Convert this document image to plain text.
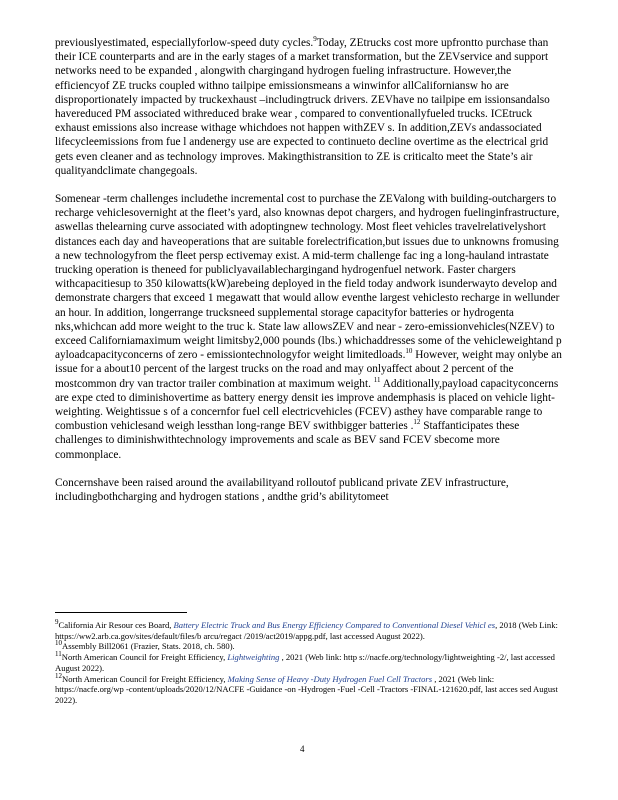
previouslyestimated, especiallyforlow-speed duty cycles.$^9$Today, ZEtrucks cost more upfrontto purchase than their ICE counterparts and are in the early stages of a market transformation, but the ZEVservice and support networks need to be expanded , alongwith chargingand hydrogen fueling infrastructure. However,the efficiencyof ZE trucks coupled withno tailpipe emissionsmeans a winwinfor allCaliforniansw ho are disproportionately impacted by truckexhaust –includingtruck drivers. ZEVhave no tailpipe em issionsandalso havereduced PM associated withreduced brake wear , compared to conventionallyfueled trucks. ICEtruck exhaust emissions also increase withage whichdoes not happen withZEV s. In addition,ZEVs andassociated lifecycleemissions from fue l andenergy use are expected to continueto decline overtime as the electrical grid gets even cleaner and as technology improves. Makingthistransition to ZE is criticalto meet the State’s air qualityandclimate changegoals.

Somenear -term challenges includethe incremental cost to purchase the ZEValong with building-outchargers to recharge vehiclesovernight at the fleet’s yard, also knownas depot chargers, and hydrogen fuelinginfrastructure, aswellas thelearning curve associated with adoptingnew technology. Most fleet vehicles travelrelativelyshort distances each day and haveoperations that are suitable forelectrification,but issues due to unknowns fromusing a new technologyfrom the fleet persp ectivemay exist. A mid-term challenge fac ing a long-hauland intrastate trucking operation is theneed for publiclyavailablechargingand hydrogenfuel network. Faster chargers withcapacitiesup to 350 kilowatts(kW)arebeing deployed in the field today andwork isunderwayto develop and demonstrate chargers that exceed 1 megawatt that would allow eventhe largest vehiclesto recharge in wellunder an hour. In addition, longerrange trucksneed supplemental storage capacityfor batteries or hydrogenta nks,whichcan add more weight to the truc k. State law allowsZEV and near - zero-emissionvehicles(NZEV) to exceed Californiamaximum weight limitsby2,000 pounds (lbs.) whichaddresses some of the vehicleweightand p ayloadcapacityconcerns of zero - emissiontechnologyfor weight limitedloads.$^{10}$ However, weight may onlybe an issue for a about10 percent of the largest trucks on the road and may onlyaffect about 2 percent of the mostcommon dry van tractor trailer combination at maximum weight. $^{11}$ Additionally,payload capacityconcerns are expe cted to diminishovertime as battery energy densit ies improve andemphasis is placed on vehicle light-weighting. Weightissue s of a concernfor fuel cell electricvehicles (FCEV) asthey have comparable range to combustion vehiclesand weigh lessthan long-range BEV swithbigger batteries .$^{12}$ Staffanticipates these challenges to diminishwithtechnology improvements and scale as BEV sand FCEV sbecome more commonplace.

Concernshave been raised around the availabilityand rolloutof publicand private ZEV infrastructure, includingbothcharging and hydrogen stations , andthe grid’s abilitytomeet

$^9$California Air Resour ces Board, Battery Electric Truck and Bus Energy Efficiency Compared to Conventional Diesel Vehicl es, 2018 (Web Link: https://ww2.arb.ca.gov/sites/default/files/b arcu/regact /2019/act2019/appg.pdf, last accessed August 2022).
$^{10}$Assembly Bill2061 (Frazier, Stats. 2018, ch. 580).
$^{11}$North American Council for Freight Efficiency, Lightweighting , 2021 (Web link: http s://nacfe.org/technology/lightweighting -2/, last accessed August 2022).
$^{12}$North American Council for Freight Efficiency, Making Sense of Heavy -Duty Hydrogen Fuel Cell Tractors , 2021 (Web link: https://nacfe.org/wp -content/uploads/2020/12/NACFE -Guidance -on -Hydrogen -Fuel -Cell -Tractors -FINAL-121620.pdf, last acces sed August 2022).
4
